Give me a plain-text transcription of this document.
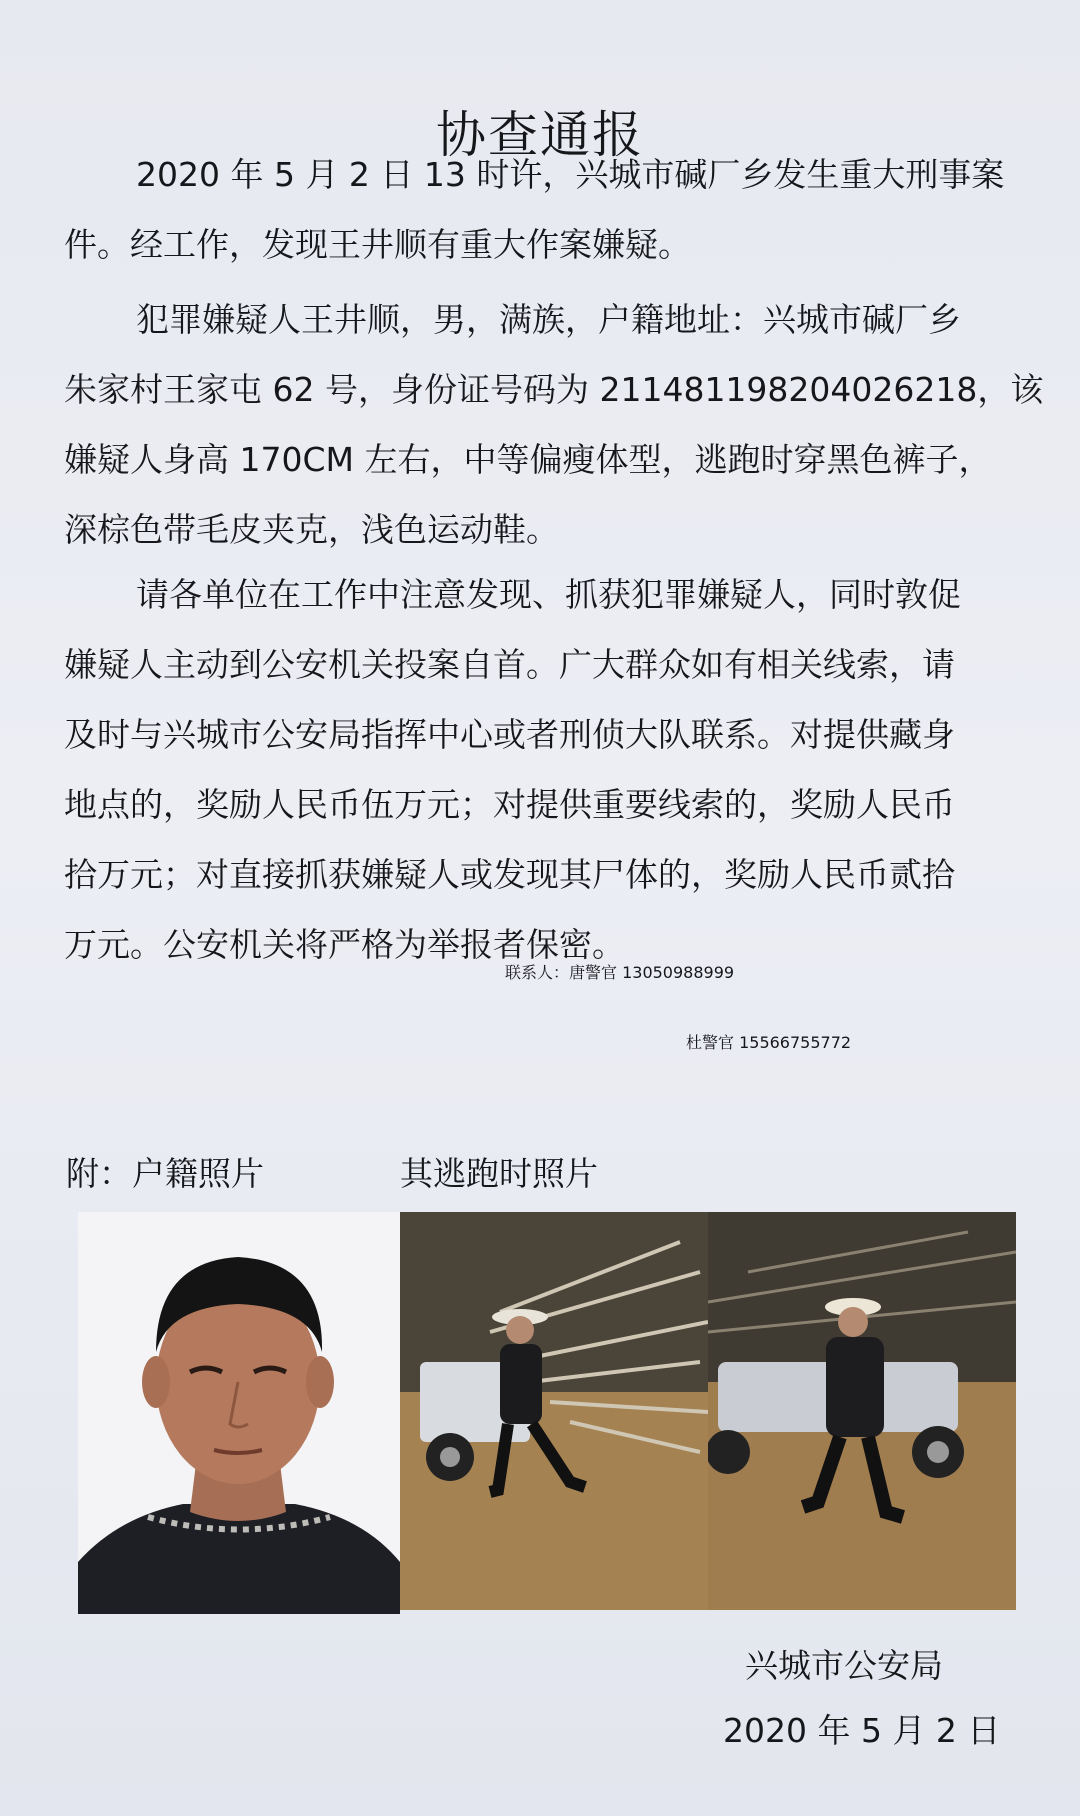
协查通报
2020 年 5 月 2 日 13 时许，兴城市碱厂乡发生重大刑事案
件。经工作，发现王井顺有重大作案嫌疑。
犯罪嫌疑人王井顺，男，满族，户籍地址：兴城市碱厂乡
朱家村王家屯 62 号，身份证号码为 211481198204026218，该
嫌疑人身高 170CM 左右，中等偏瘦体型，逃跑时穿黑色裤子，
深棕色带毛皮夹克，浅色运动鞋。
请各单位在工作中注意发现、抓获犯罪嫌疑人，同时敦促
嫌疑人主动到公安机关投案自首。广大群众如有相关线索，请
及时与兴城市公安局指挥中心或者刑侦大队联系。对提供藏身
地点的，奖励人民币伍万元；对提供重要线索的，奖励人民币
拾万元；对直接抓获嫌疑人或发现其尸体的，奖励人民币贰拾
万元。公安机关将严格为举报者保密。
联系人：唐警官 13050988999
杜警官 15566755772
附：户籍照片	其逃跑时照片
兴城市公安局
2020 年 5 月 2 日
